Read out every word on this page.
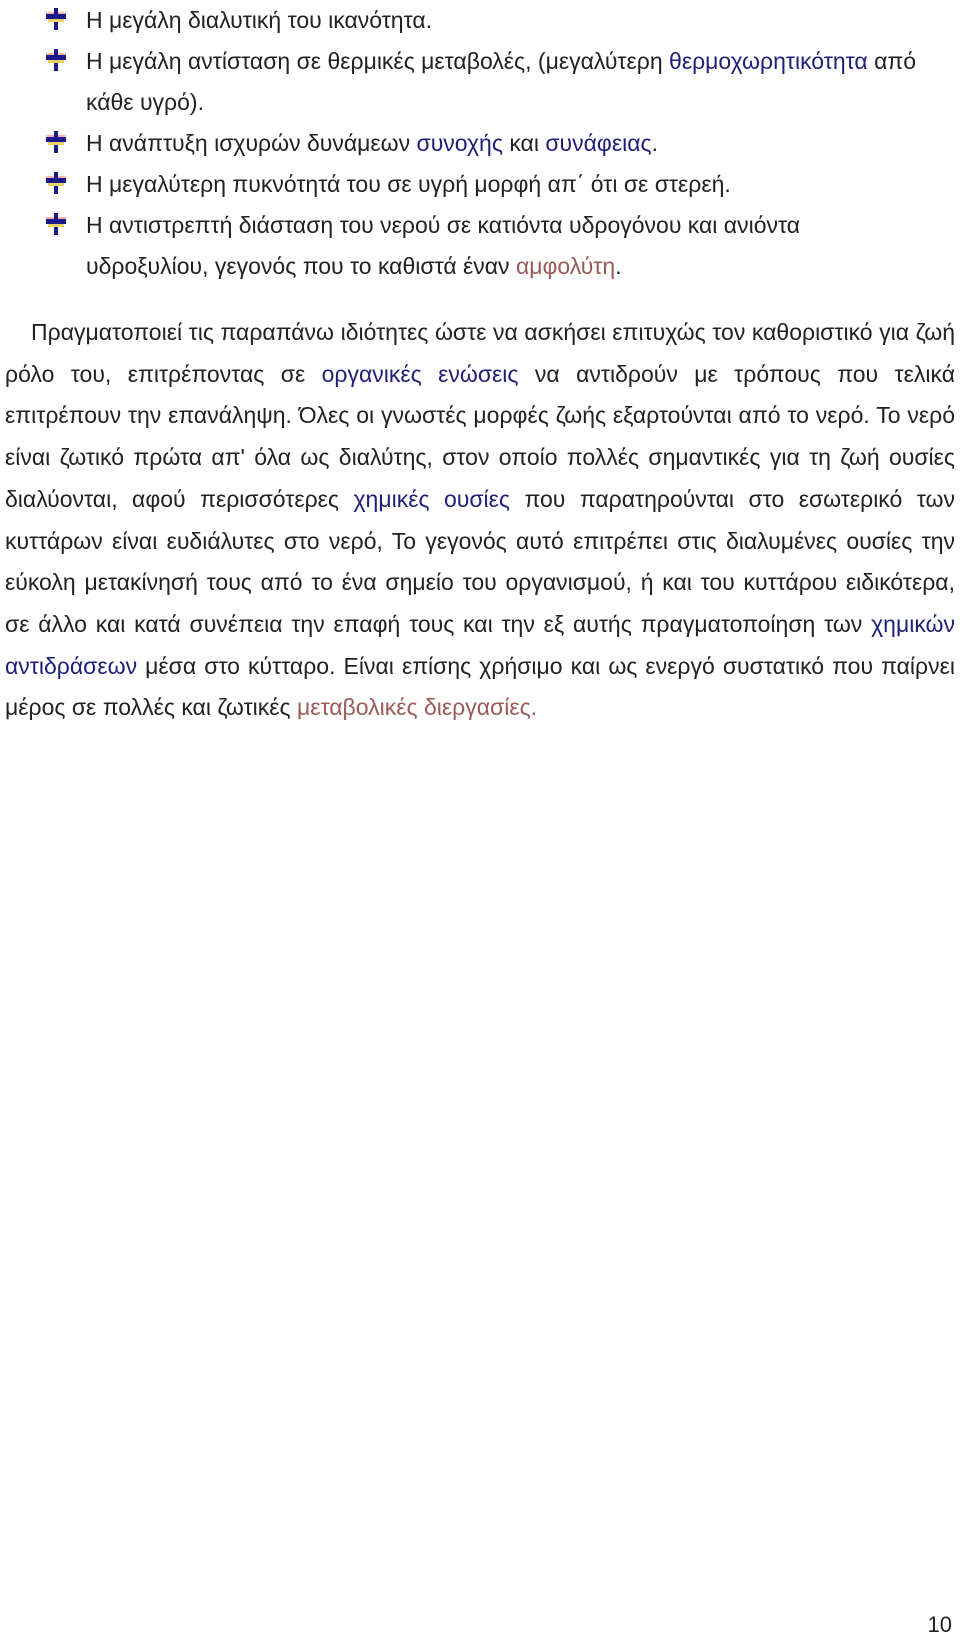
Η μεγάλη διαλυτική του ικανότητα.
Η μεγάλη αντίσταση σε θερμικές μεταβολές, (μεγαλύτερη θερμοχωρητικότητα από κάθε υγρό).
Η ανάπτυξη ισχυρών δυνάμεων συνοχής και συνάφειας.
Η μεγαλύτερη πυκνότητά του σε υγρή μορφή απ΄ ότι σε στερεή.
Η αντιστρεπτή διάσταση του νερού σε κατιόντα υδρογόνου και ανιόντα υδροξυλίου, γεγονός που το καθιστά έναν αμφολύτη.

Πραγματοποιεί τις παραπάνω ιδιότητες ώστε να ασκήσει επιτυχώς τον καθοριστικό για ζωή ρόλο του, επιτρέποντας σε οργανικές ενώσεις να αντιδρούν με τρόπους που τελικά επιτρέπουν την επανάληψη. Όλες οι γνωστές μορφές ζωής εξαρτούνται από το νερό. Το νερό είναι ζωτικό πρώτα απ' όλα ως διαλύτης, στον οποίο πολλές σημαντικές για τη ζωή ουσίες διαλύονται, αφού περισσότερες χημικές ουσίες που παρατηρούνται στο εσωτερικό των κυττάρων είναι ευδιάλυτες στο νερό, Το γεγονός αυτό επιτρέπει στις διαλυμένες ουσίες την εύκολη μετακίνησή τους από το ένα σημείο του οργανισμού, ή και του κυττάρου ειδικότερα, σε άλλο και κατά συνέπεια την επαφή τους και την εξ αυτής πραγματοποίηση των χημικών αντιδράσεων μέσα στο κύτταρο. Είναι επίσης χρήσιμο και ως ενεργό συστατικό που παίρνει μέρος σε πολλές και ζωτικές μεταβολικές διεργασίες.

10
